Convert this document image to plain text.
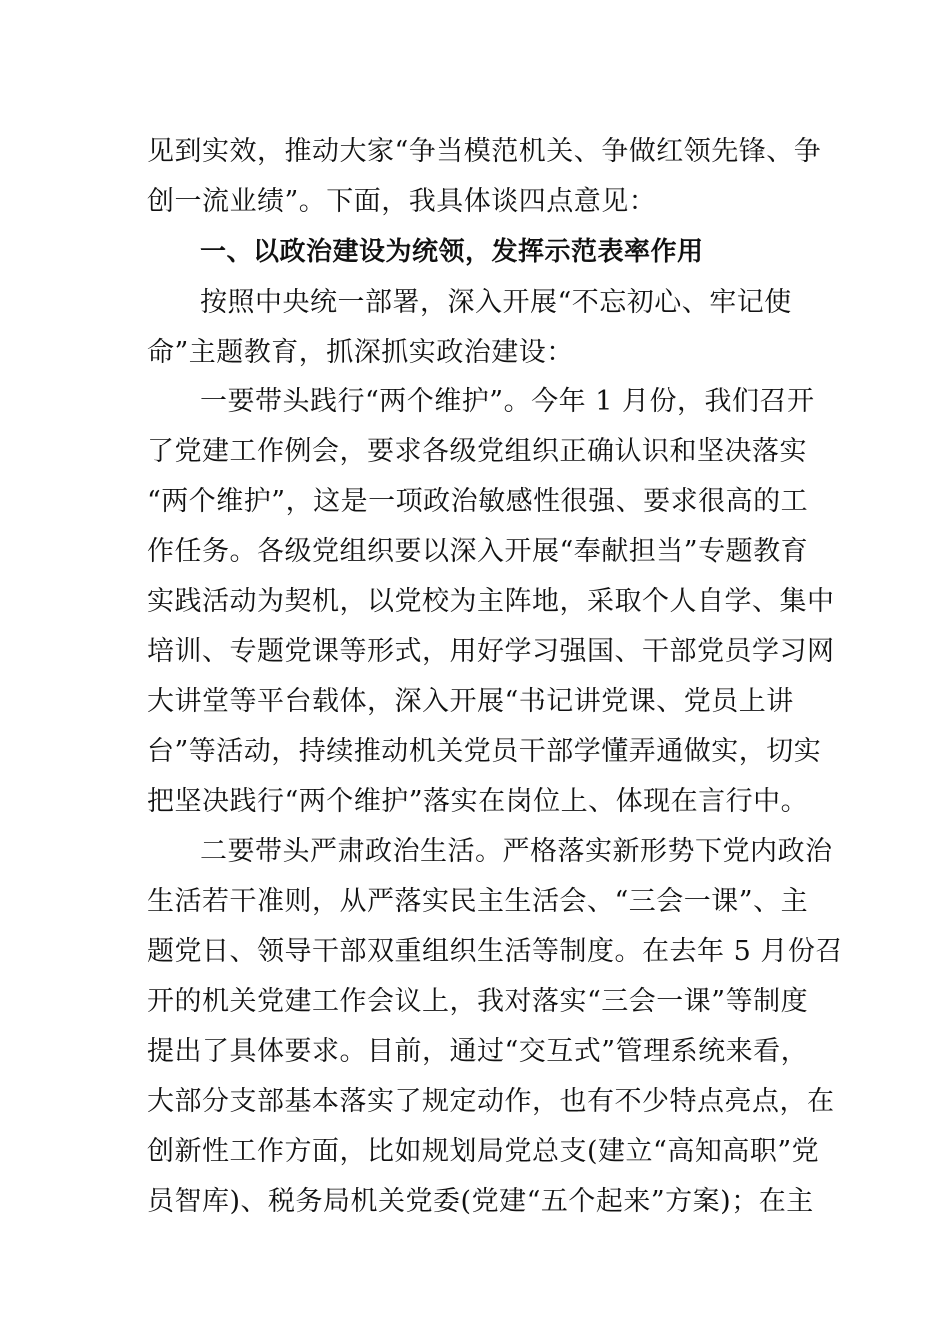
见到实效，推动大家“争当模范机关、争做红领先锋、争
创一流业绩”。下面，我具体谈四点意见：
一、以政治建设为统领，发挥示范表率作用
按照中央统一部署，深入开展“不忘初心、牢记使
命”主题教育，抓深抓实政治建设：
一要带头践行“两个维护”。今年 1 月份，我们召开
了党建工作例会，要求各级党组织正确认识和坚决落实
“两个维护”，这是一项政治敏感性很强、要求很高的工
作任务。各级党组织要以深入开展“奉献担当”专题教育
实践活动为契机，以党校为主阵地，采取个人自学、集中
培训、专题党课等形式，用好学习强国、干部党员学习网
大讲堂等平台载体，深入开展“书记讲党课、党员上讲
台”等活动，持续推动机关党员干部学懂弄通做实，切实
把坚决践行“两个维护”落实在岗位上、体现在言行中。
二要带头严肃政治生活。严格落实新形势下党内政治
生活若干准则，从严落实民主生活会、“三会一课”、主
题党日、领导干部双重组织生活等制度。在去年 5 月份召
开的机关党建工作会议上，我对落实“三会一课”等制度
提出了具体要求。目前，通过“交互式”管理系统来看，
大部分支部基本落实了规定动作，也有不少特点亮点，在
创新性工作方面，比如规划局党总支(建立“高知高职”党
员智库)、税务局机关党委(党建“五个起来”方案)；在主
